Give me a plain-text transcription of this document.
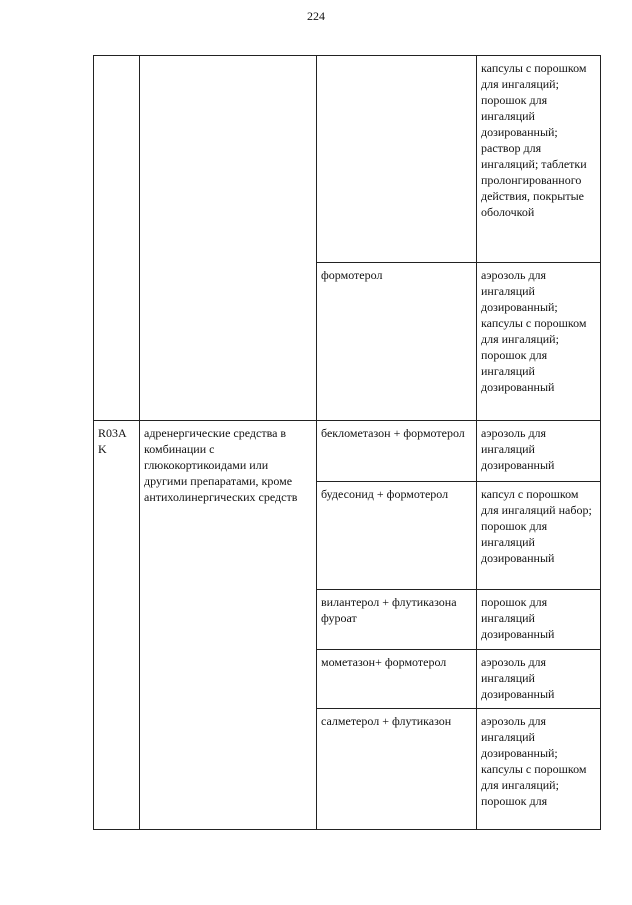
224
			капсулы с порошком для ингаляций; порошок для ингаляций дозированный; раствор для ингаляций; таблетки пролонгированного действия, покрытые оболочкой
		формотерол	аэрозоль для ингаляций дозированный; капсулы с порошком для ингаляций; порошок для ингаляций дозированный
R03AK	адренергические средства в комбинации с глюкокортикоидами или другими препаратами, кроме антихолинергических средств	беклометазон + формотерол	аэрозоль для ингаляций дозированный
		будесонид + формотерол	капсул с порошком для ингаляций набор; порошок для ингаляций дозированный
		вилантерол + флутиказона фуроат	порошок для ингаляций дозированный
		мометазон+ формотерол	аэрозоль для ингаляций дозированный
		салметерол + флутиказон	аэрозоль для ингаляций дозированный; капсулы с порошком для ингаляций; порошок для
